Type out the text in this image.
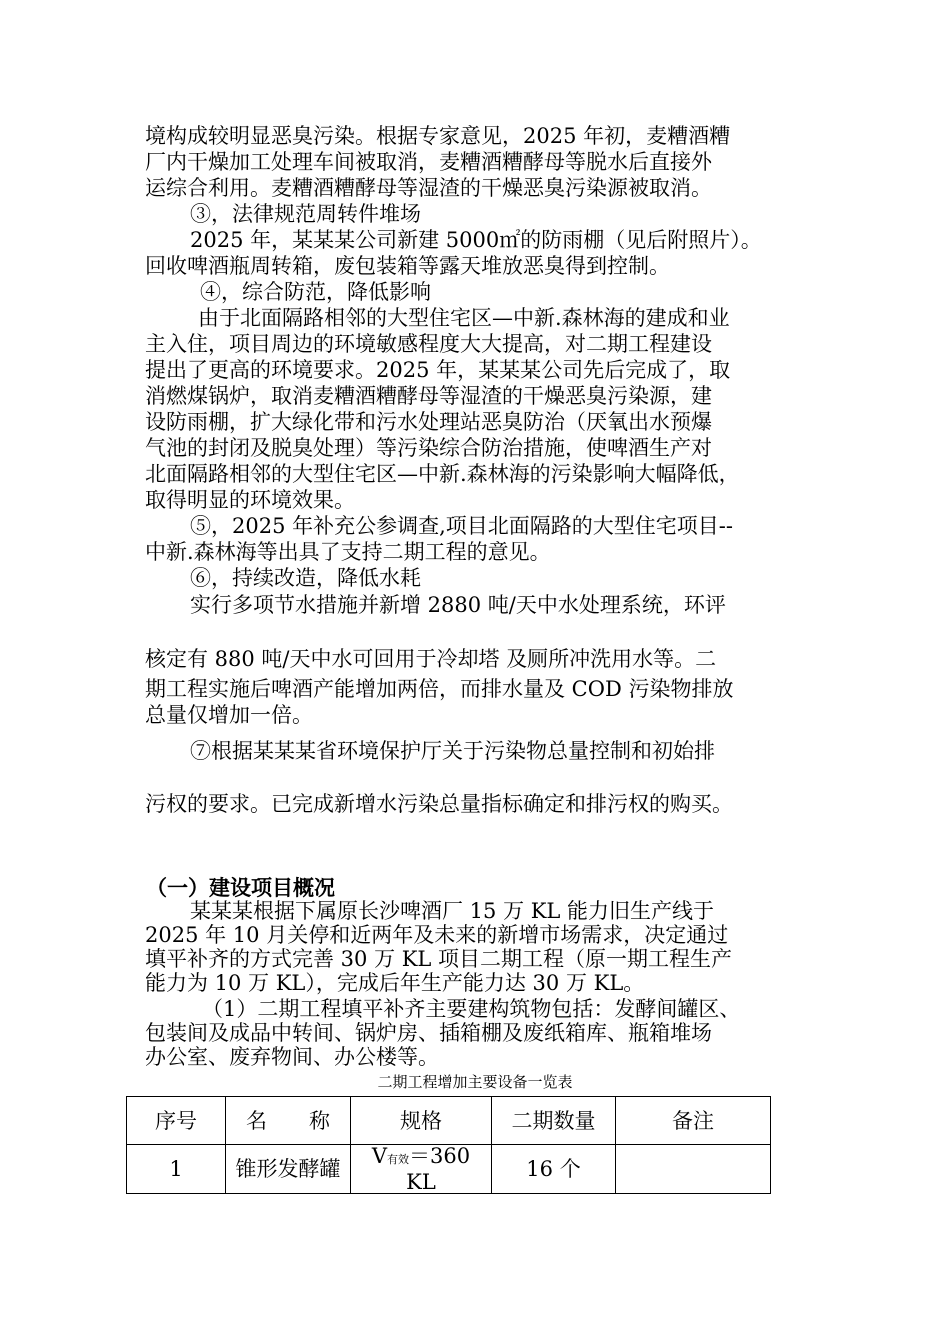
境构成较明显恶臭污染。根据专家意见，2025 年初，麦糟酒糟
厂内干燥加工处理车间被取消，麦糟酒糟酵母等脱水后直接外
运综合利用。麦糟酒糟酵母等湿渣的干燥恶臭污染源被取消。
③，法律规范周转件堆场
2025 年，某某某公司新建 5000㎡的防雨棚（见后附照片）。
回收啤酒瓶周转箱，废包装箱等露天堆放恶臭得到控制。
④，综合防范，降低影响
由于北面隔路相邻的大型住宅区—中新.森林海的建成和业
主入住，项目周边的环境敏感程度大大提高，对二期工程建设
提出了更高的环境要求。2025 年，某某某公司先后完成了，取
消燃煤锅炉，取消麦糟酒糟酵母等湿渣的干燥恶臭污染源，建
设防雨棚，扩大绿化带和污水处理站恶臭防治（厌氧出水预爆
气池的封闭及脱臭处理）等污染综合防治措施，使啤酒生产对
北面隔路相邻的大型住宅区—中新.森林海的污染影响大幅降低，
取得明显的环境效果。
⑤，2025 年补充公参调查,项目北面隔路的大型住宅项目--
中新.森林海等出具了支持二期工程的意见。
⑥，持续改造，降低水耗
实行多项节水措施并新增 2880 吨/天中水处理系统，环评
核定有 880 吨/天中水可回用于冷却塔 及厕所冲洗用水等。二
期工程实施后啤酒产能增加两倍，而排水量及 COD 污染物排放
总量仅增加一倍。
⑦根据某某某省环境保护厅关于污染物总量控制和初始排
污权的要求。已完成新增水污染总量指标确定和排污权的购买。
（一）建设项目概况
某某某根据下属原长沙啤酒厂 15 万 KL 能力旧生产线于
2025 年 10 月关停和近两年及未来的新增市场需求，决定通过
填平补齐的方式完善 30 万 KL 项目二期工程（原一期工程生产
能力为 10 万 KL），完成后年生产能力达 30 万 KL。
（1）二期工程填平补齐主要建构筑物包括：发酵间罐区、
包装间及成品中转间、锅炉房、插箱棚及废纸箱库、瓶箱堆场
办公室、废弃物间、办公楼等。
二期工程增加主要设备一览表
序号	名　　称	规格	二期数量	备注
1	锥形发酵罐	V有效＝360
KL	16 个	
